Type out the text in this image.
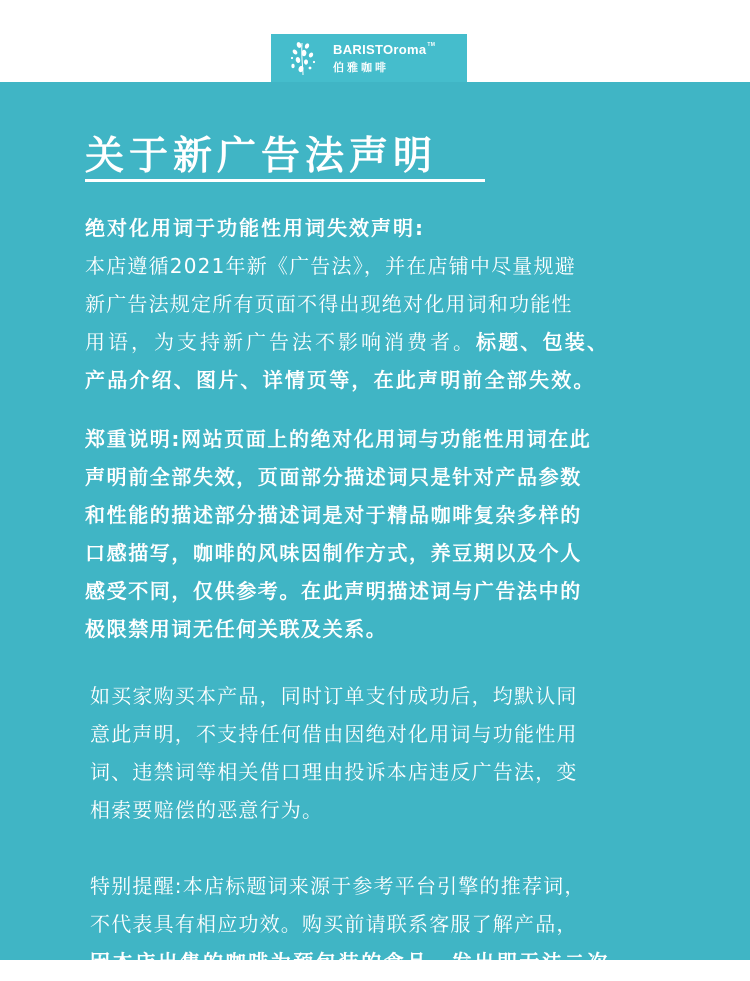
BARISTOroma™
伯雅咖啡
关于新广告法声明
绝对化用词于功能性用词失效声明:
本店遵循2021年新《广告法》，并在店铺中尽量规避
新广告法规定所有页面不得出现绝对化用词和功能性
用语，为支持新广告法不影响消费者。标题、包装、
产品介绍、图片、详情页等，在此声明前全部失效。
郑重说明:网站页面上的绝对化用词与功能性用词在此
声明前全部失效，页面部分描述词只是针对产品参数
和性能的描述部分描述词是对于精品咖啡复杂多样的
口感描写，咖啡的风味因制作方式，养豆期以及个人
感受不同，仅供参考。在此声明描述词与广告法中的
极限禁用词无任何关联及关系。
如买家购买本产品，同时订单支付成功后，均默认同
意此声明，不支持任何借由因绝对化用词与功能性用
词、违禁词等相关借口理由投诉本店违反广告法，变
相索要赔偿的恶意行为。
特别提醒:本店标题词来源于参考平台引擎的推荐词，
不代表具有相应功效。购买前请联系客服了解产品，
因本店出售的咖啡为预包装的食品，发出即无法二次
